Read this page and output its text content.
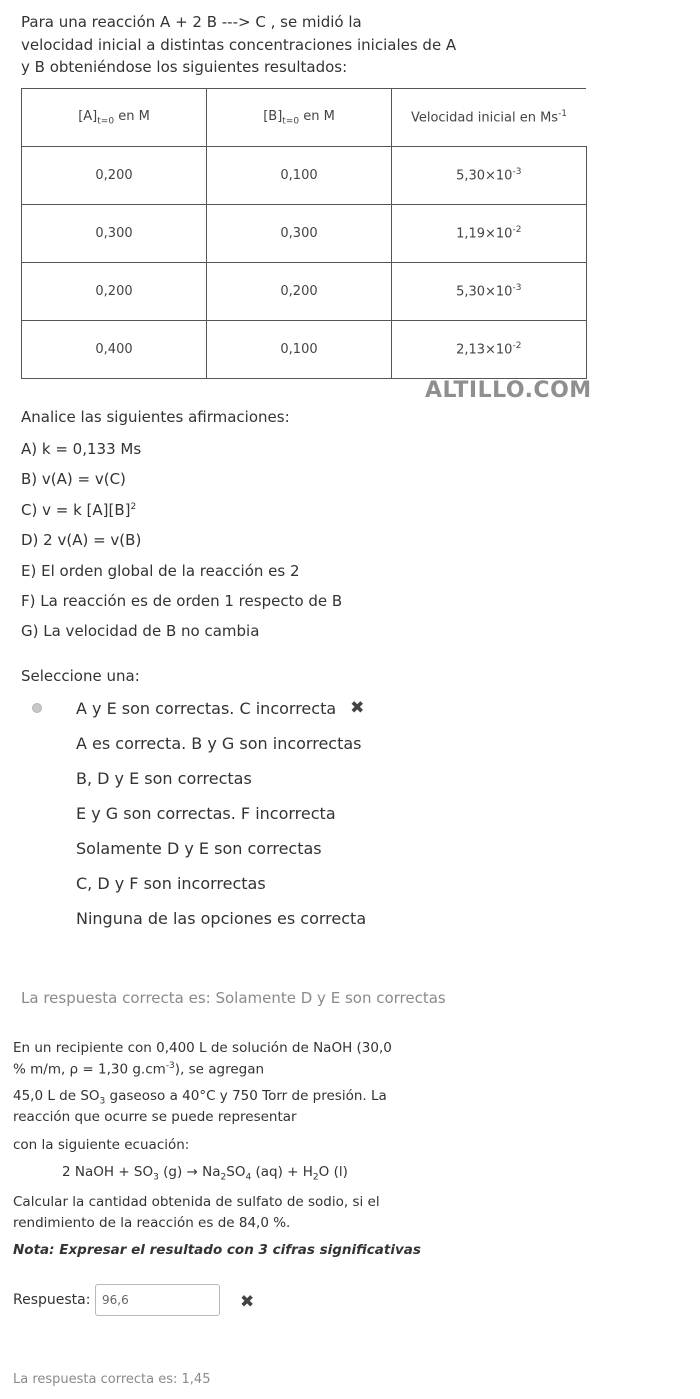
Para una reacción A + 2 B ---> C , se midió la
velocidad inicial a distintas concentraciones iniciales de A
y B obteniéndose los siguientes resultados:
$[A]_{t=0}$ en M	$[B]_{t=0}$ en M	Velocidad inicial en $Ms^{-1}$
0,200	0,100	$5,30\times 10^{-3}$
0,300	0,300	$1,19\times 10^{-2}$
0,200	0,200	$5,30\times 10^{-3}$
0,400	0,100	$2,13\times 10^{-2}$
ALTILLO.COM
Analice las siguientes afirmaciones:
A) k = 0,133 Ms
B) v(A) = v(C)
C) v = k $[A][B]^2$
D) 2 v(A) = v(B)
E) El orden global de la reacción es 2
F) La reacción es de orden 1 respecto de B
G) La velocidad de B no cambia
Seleccione una:
A y E son correctas. C incorrecta ✖
A es correcta. B y G son incorrectas
B, D y E son correctas
E y G son correctas. F incorrecta
Solamente D y E son correctas
C, D y F son incorrectas
Ninguna de las opciones es correcta
La respuesta correcta es: Solamente D y E son correctas
En un recipiente con 0,400 L de solución de NaOH (30,0
% m/m, ρ = 1,30 $g.cm^{-3}$), se agregan
45,0 L de $SO_3$ gaseoso a 40°C y 750 Torr de presión. La
reacción que ocurre se puede representar
con la siguiente ecuación:
2 NaOH + $SO_3$ $(g) \to Na_2SO_4$ $(aq) + H_2O$ (l)
Calcular la cantidad obtenida de sulfato de sodio, si el
rendimiento de la reacción es de 84,0 %.
Nota: Expresar el resultado con 3 cifras significativas
Respuesta:
96,6	✖
La respuesta correcta es: 1,45
